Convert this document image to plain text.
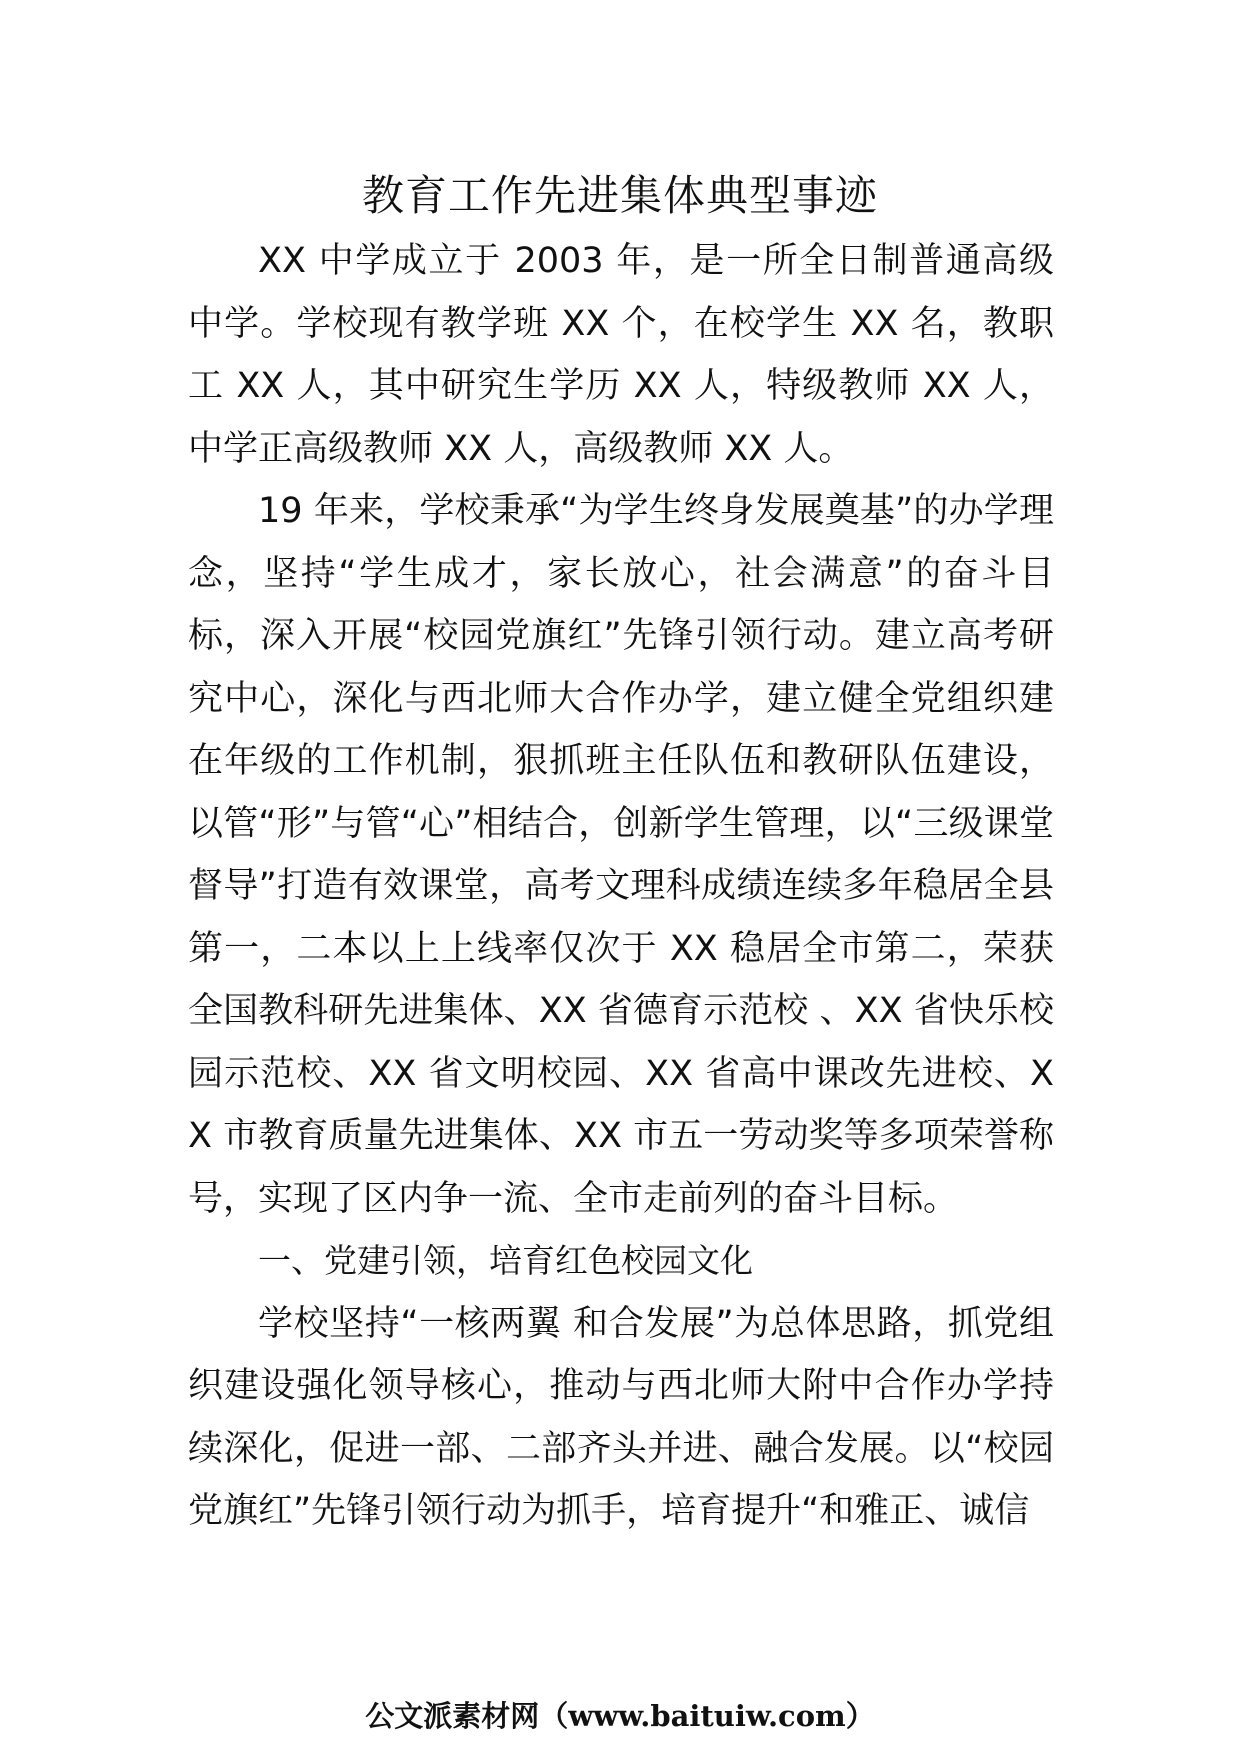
教育工作先进集体典型事迹

XX 中学成立于 2003 年，是一所全日制普通高级中学。学校现有教学班 XX 个，在校学生 XX 名，教职工 XX 人，其中研究生学历 XX 人，特级教师 XX 人，中学正高级教师 XX 人，高级教师 XX 人。

19 年来，学校秉承“为学生终身发展奠基”的办学理念，坚持“学生成才，家长放心，社会满意”的奋斗目标，深入开展“校园党旗红”先锋引领行动。建立高考研究中心，深化与西北师大合作办学，建立健全党组织建在年级的工作机制，狠抓班主任队伍和教研队伍建设，以管“形”与管“心”相结合，创新学生管理，以“三级课堂督导”打造有效课堂，高考文理科成绩连续多年稳居全县第一，二本以上上线率仅次于 XX 稳居全市第二，荣获全国教科研先进集体、XX 省德育示范校 、XX 省快乐校园示范校、XX 省文明校园、XX 省高中课改先进校、XX 市教育质量先进集体、XX 市五一劳动奖等多项荣誉称号，实现了区内争一流、全市走前列的奋斗目标。

一、党建引领，培育红色校园文化

学校坚持“一核两翼 和合发展”为总体思路，抓党组织建设强化领导核心，推动与西北师大附中合作办学持续深化，促进一部、二部齐头并进、融合发展。以“校园党旗红”先锋引领行动为抓手，培育提升“和雅正、诚信

公文派素材网（www.baituiw.com）
